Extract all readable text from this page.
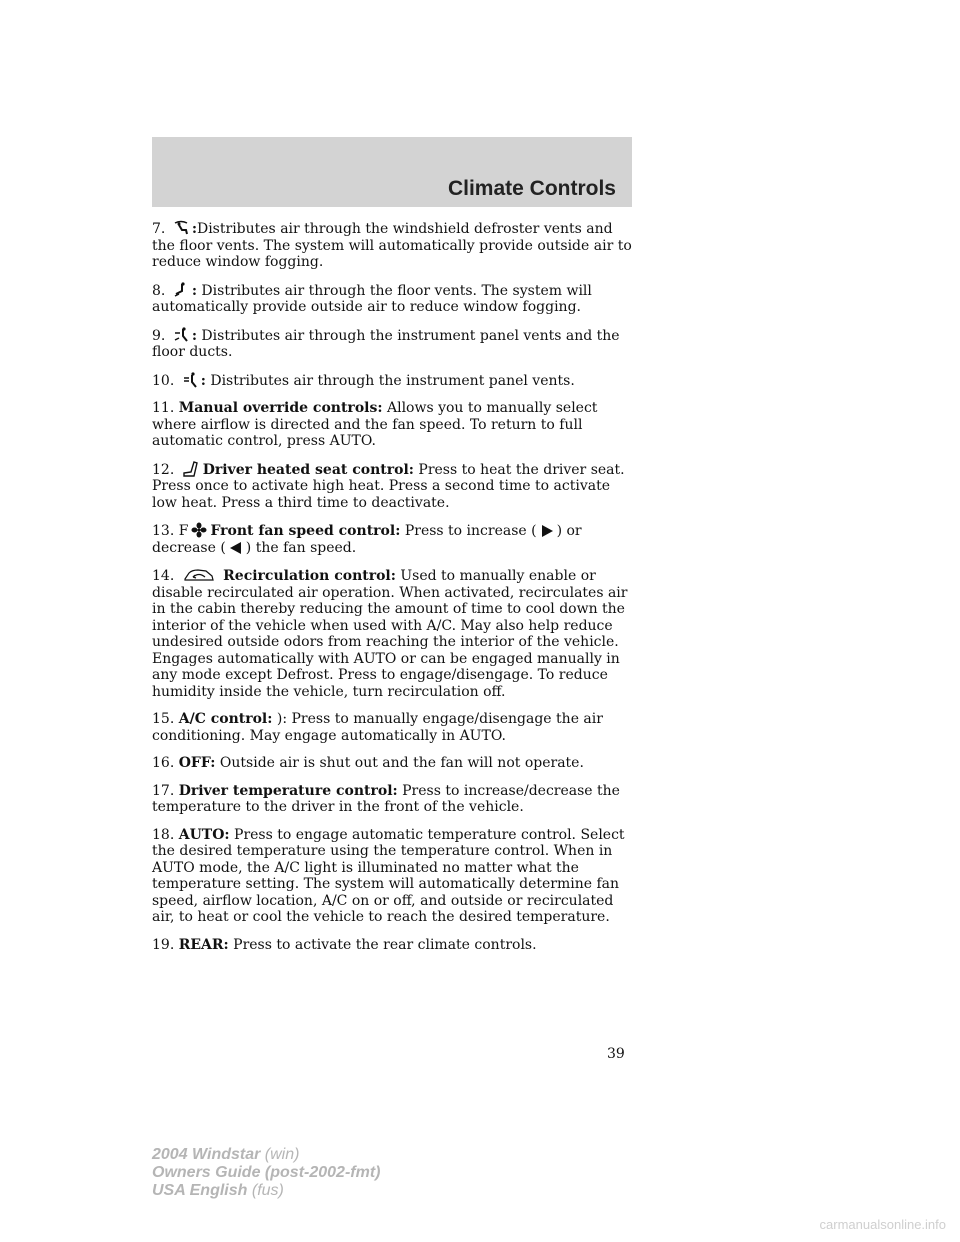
Climate Controls

7. :Distributes air through the windshield defroster vents and the floor vents. The system will automatically provide outside air to reduce window fogging.

8. : Distributes air through the floor vents. The system will automatically provide outside air to reduce window fogging.

9. : Distributes air through the instrument panel vents and the floor ducts.

10. : Distributes air through the instrument panel vents.

11. Manual override controls: Allows you to manually select where airflow is directed and the fan speed. To return to full automatic control, press AUTO.

12. Driver heated seat control: Press to heat the driver seat. Press once to activate high heat. Press a second time to activate low heat. Press a third time to deactivate.

13. F Front fan speed control: Press to increase ( ) or decrease ( ) the fan speed.

14.	Recirculation control: Used to manually enable or disable recirculated air operation. When activated, recirculates air in the cabin thereby reducing the amount of time to cool down the interior of the vehicle when used with A/C. May also help reduce undesired outside odors from reaching the interior of the vehicle. Engages automatically with AUTO or can be engaged manually in any mode except Defrost. Press to engage/disengage. To reduce humidity inside the vehicle, turn recirculation off.

15. A/C control: ): Press to manually engage/disengage the air conditioning. May engage automatically in AUTO.

16. OFF: Outside air is shut out and the fan will not operate.

17. Driver temperature control: Press to increase/decrease the temperature to the driver in the front of the vehicle.

18. AUTO: Press to engage automatic temperature control. Select the desired temperature using the temperature control. When in AUTO mode, the A/C light is illuminated no matter what the temperature setting. The system will automatically determine fan speed, airflow location, A/C on or off, and outside or recirculated air, to heat or cool the vehicle to reach the desired temperature.

19. REAR: Press to activate the rear climate controls.

39
2004 Windstar (win)
Owners Guide (post-2002-fmt)
USA English (fus)
carmanualsonline.info
